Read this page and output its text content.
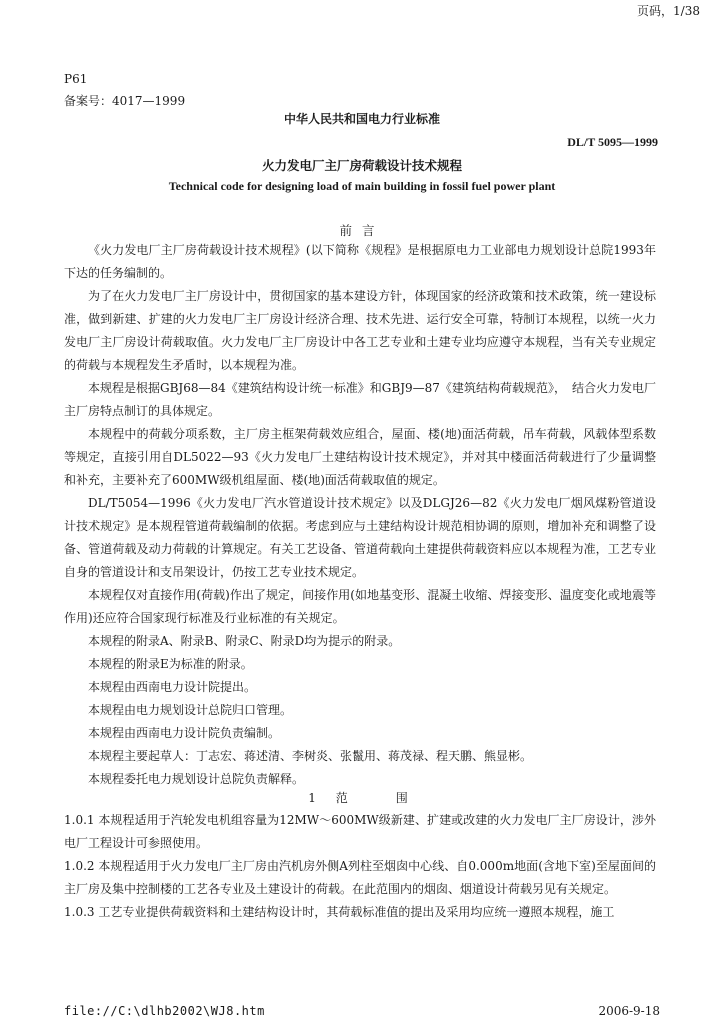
页码，1/38
P61
备案号：4017—1999
中华人民共和国电力行业标准
DL/T 5095—1999
火力发电厂主厂房荷载设计技术规程
Technical code for designing load of main building in fossil fuel power plant
前言

《火力发电厂主厂房荷载设计技术规程》(以下简称《规程》是根据原电力工业部电力规划设计总院1993年下达的任务编制的。

为了在火力发电厂主厂房设计中，贯彻国家的基本建设方针，体现国家的经济政策和技术政策，统一建设标准，做到新建、扩建的火力发电厂主厂房设计经济合理、技术先进、运行安全可靠，特制订本规程，以统一火力发电厂主厂房设计荷载取值。火力发电厂主厂房设计中各工艺专业和土建专业均应遵守本规程，当有关专业规定的荷载与本规程发生矛盾时，以本规程为准。

本规程是根据GBJ68—84《建筑结构设计统一标准》和GBJ9—87《建筑结构荷载规范》，　结合火力发电厂主厂房特点制订的具体规定。

本规程中的荷载分项系数，主厂房主框架荷载效应组合，屋面、楼(地)面活荷载，吊车荷载，风载体型系数等规定，直接引用自DL5022—93《火力发电厂土建结构设计技术规定》，并对其中楼面活荷载进行了少量调整和补充，主要补充了600MW级机组屋面、楼(地)面活荷载取值的规定。

DL/T5054—1996《火力发电厂汽水管道设计技术规定》以及DLGJ26—82《火力发电厂烟风煤粉管道设计技术规定》是本规程管道荷载编制的依据。考虑到应与土建结构设计规范相协调的原则，增加补充和调整了设备、管道荷载及动力荷载的计算规定。有关工艺设备、管道荷载向土建提供荷载资料应以本规程为准，工艺专业自身的管道设计和支吊架设计，仍按工艺专业技术规定。

本规程仅对直接作用(荷载)作出了规定，间接作用(如地基变形、混凝土收缩、焊接变形、温度变化或地震等作用)还应符合国家现行标准及行业标准的有关规定。

本规程的附录A、附录B、附录C、附录D均为提示的附录。

本规程的附录E为标准的附录。

本规程由西南电力设计院提出。

本规程由电力规划设计总院归口管理。

本规程由西南电力设计院负责编制。

本规程主要起草人：丁志宏、蒋述清、李树炎、张鬣用、蒋茂禄、程天鹏、熊显彬。

本规程委托电力规划设计总院负责解释。

1 范　　围

1.0.1 本规程适用于汽轮发电机组容量为12MW～600MW级新建、扩建或改建的火力发电厂主厂房设计，涉外电厂工程设计可参照使用。

1.0.2 本规程适用于火力发电厂主厂房由汽机房外侧A列柱至烟囱中心线、自0.000m地面(含地下室)至屋面间的主厂房及集中控制楼的工艺各专业及土建设计的荷载。在此范围内的烟囱、烟道设计荷载另见有关规定。

1.0.3 工艺专业提供荷载资料和土建结构设计时，其荷载标准值的提出及采用均应统一遵照本规程，施工

file://C:\dlhb2002\WJ8.htm	2006-9-18
